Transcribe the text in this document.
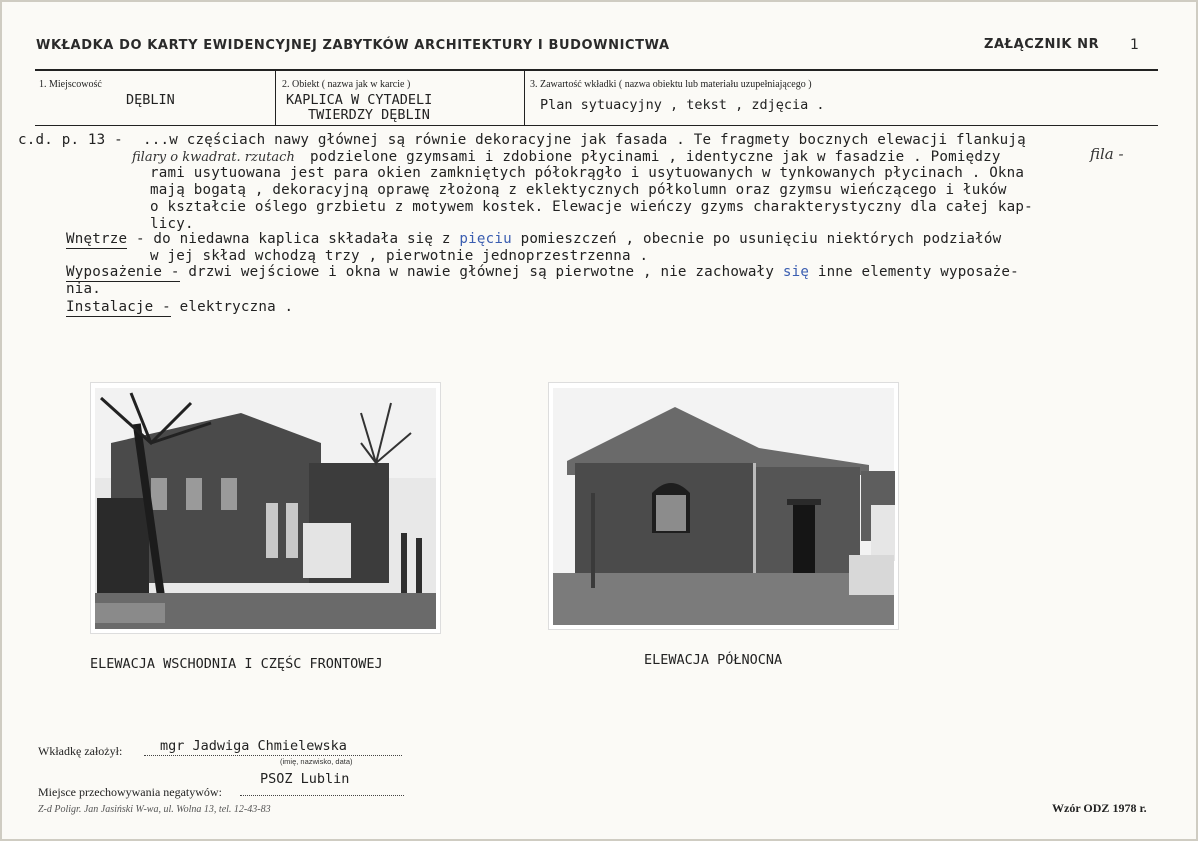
WKŁADKA DO KARTY EWIDENCYJNEJ ZABYTKÓW ARCHITEKTURY I BUDOWNICTWA	ZAŁĄCZNIK NR 1
1. Miejscowość
DĘBLIN
2. Obiekt ( nazwa jak w karcie )
KAPLICA W CYTADELI
TWIERDZY DĘBLIN
3. Zawartość wkładki ( nazwa obiektu lub materiału uzupełniającego )
Plan sytuacyjny , tekst , zdjęcia .
c.d. p. 13 - ...w częściach nawy głównej są równie dekoracyjne jak fasada . Te fragmety bocznych elewacji flankują
filary o kwadrat. rzutach podzielone gzymsami i zdobione płycinami , identyczne jak w fasadzie . Pomiędzy	fila -
rami usytuowana jest para okien zamkniętych półokrągło i usytuowanych w tynkowanych płycinach . Okna
mają bogatą , dekoracyjną oprawę złożoną z eklektycznych półkolumn oraz gzymsu wieńczącego i łuków
o kształcie oślego grzbietu z motywem kostek. Elewacje wieńczy gzyms charakterystyczny dla całej kap-
licy.
Wnętrze - do niedawna kaplica składała się z pięciu pomieszczeń , obecnie po usunięciu niektórych podziałów
w jej skład wchodzą trzy , pierwotnie jednoprzestrzenna .
Wyposażenie - drzwi wejściowe i okna w nawie głównej są pierwotne , nie zachowały się inne elementy wyposaże-
nia.
Instalacje - elektryczna .
ELEWACJA WSCHODNIA I CZĘŚC FRONTOWEJ	ELEWACJA PÓŁNOCNA
Wkładkę założył:	mgr Jadwiga Chmielewska
(imię, nazwisko, data)
Miejsce przechowywania negatywów:
PSOZ Lublin
Z-d Poligr. Jan Jasiński W-wa, ul. Wolna 13, tel. 12-43-83	Wzór ODZ 1978 r.
